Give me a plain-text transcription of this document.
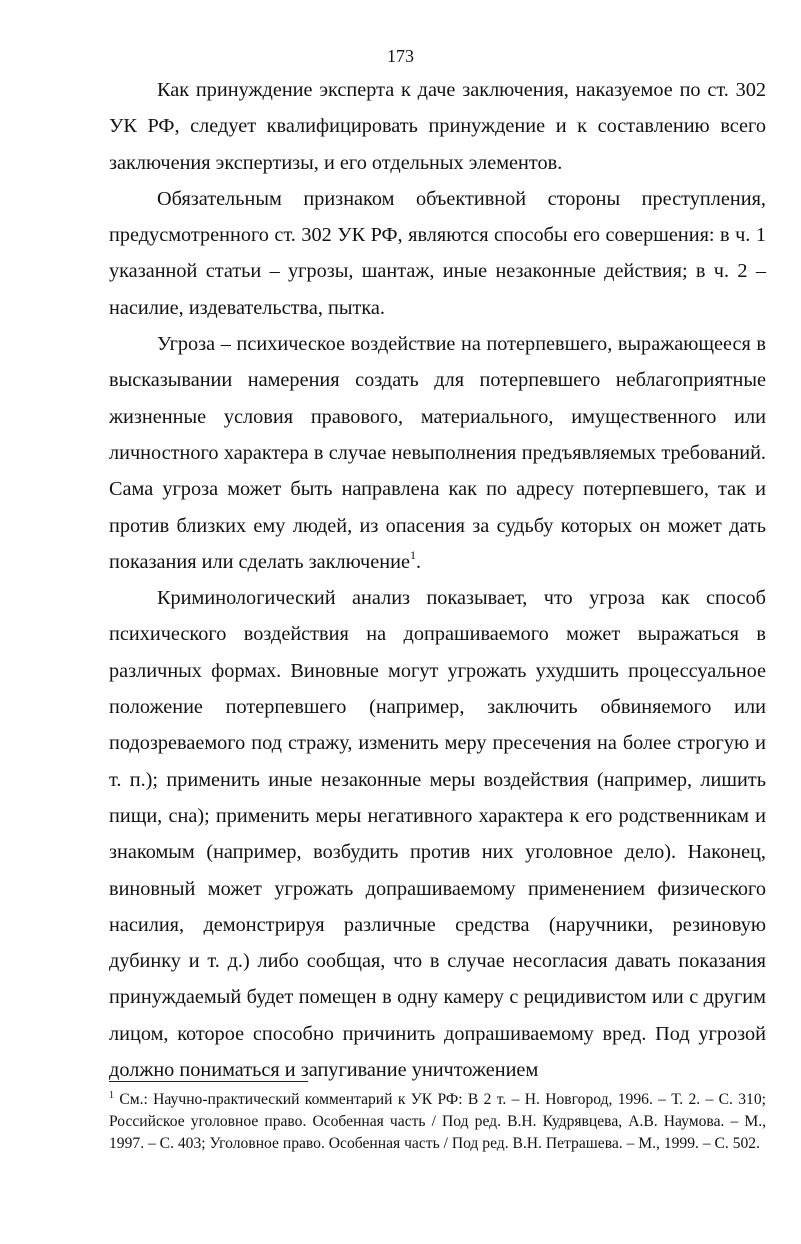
173

Как принуждение эксперта к даче заключения, наказуемое по ст. 302 УК РФ, следует квалифицировать принуждение и к составлению всего заключения экспертизы, и его отдельных элементов.

Обязательным признаком объективной стороны преступления, предусмотренного ст. 302 УК РФ, являются способы его совершения: в ч. 1 указанной статьи – угрозы, шантаж, иные незаконные действия; в ч. 2 – насилие, издевательства, пытка.

Угроза – психическое воздействие на потерпевшего, выражающееся в высказывании намерения создать для потерпевшего неблагоприятные жизненные условия правового, материального, имущественного или личностного характера в случае невыполнения предъявляемых требований. Сама угроза может быть направлена как по адресу потерпевшего, так и против близких ему людей, из опасения за судьбу которых он может дать показания или сделать заключение$^1$.

Криминологический анализ показывает, что угроза как способ психического воздействия на допрашиваемого может выражаться в различных формах. Виновные могут угрожать ухудшить процессуальное положение потерпевшего (например, заключить обвиняемого или подозреваемого под стражу, изменить меру пресечения на более строгую и т. п.); применить иные незаконные меры воздействия (например, лишить пищи, сна); применить меры негативного характера к его родственникам и знакомым (например, возбудить против них уголовное дело). Наконец, виновный может угрожать допрашиваемому применением физического насилия, демонстрируя различные средства (наручники, резиновую дубинку и т. д.) либо сообщая, что в случае несогласия давать показания принуждаемый будет помещен в одну камеру с рецидивистом или с другим лицом, которое способно причинить допрашиваемому вред. Под угрозой должно пониматься и запугивание уничтожением

$^1$ См.: Научно-практический комментарий к УК РФ: В 2 т. – Н. Новгород, 1996. – Т. 2. – С. 310; Российское уголовное право. Особенная часть / Под ред. В.Н. Кудрявцева, А.В. Наумова. – М., 1997. – С. 403; Уголовное право. Особенная часть / Под ред. В.Н. Петрашева. – М., 1999. – С. 502.
